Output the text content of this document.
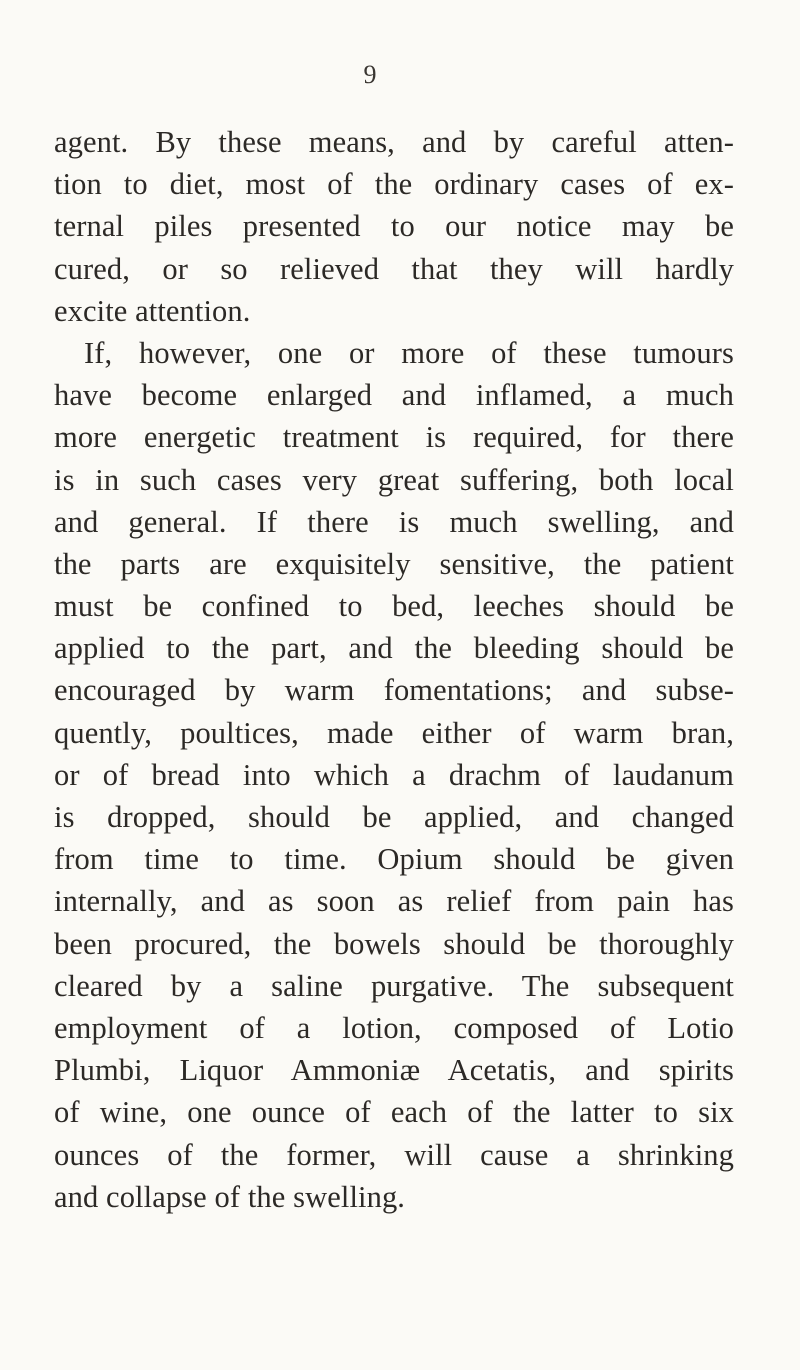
9
agent. By these means, and by careful atten-
tion to diet, most of the ordinary cases of ex-
ternal piles presented to our notice may be
cured, or so relieved that they will hardly
excite attention.
If, however, one or more of these tumours
have become enlarged and inflamed, a much
more energetic treatment is required, for there
is in such cases very great suffering, both local
and general. If there is much swelling, and
the parts are exquisitely sensitive, the patient
must be confined to bed, leeches should be
applied to the part, and the bleeding should be
encouraged by warm fomentations; and subse-
quently, poultices, made either of warm bran,
or of bread into which a drachm of laudanum
is dropped, should be applied, and changed
from time to time. Opium should be given
internally, and as soon as relief from pain has
been procured, the bowels should be thoroughly
cleared by a saline purgative. The subsequent
employment of a lotion, composed of Lotio
Plumbi, Liquor Ammoniæ Acetatis, and spirits
of wine, one ounce of each of the latter to six
ounces of the former, will cause a shrinking
and collapse of the swelling.
